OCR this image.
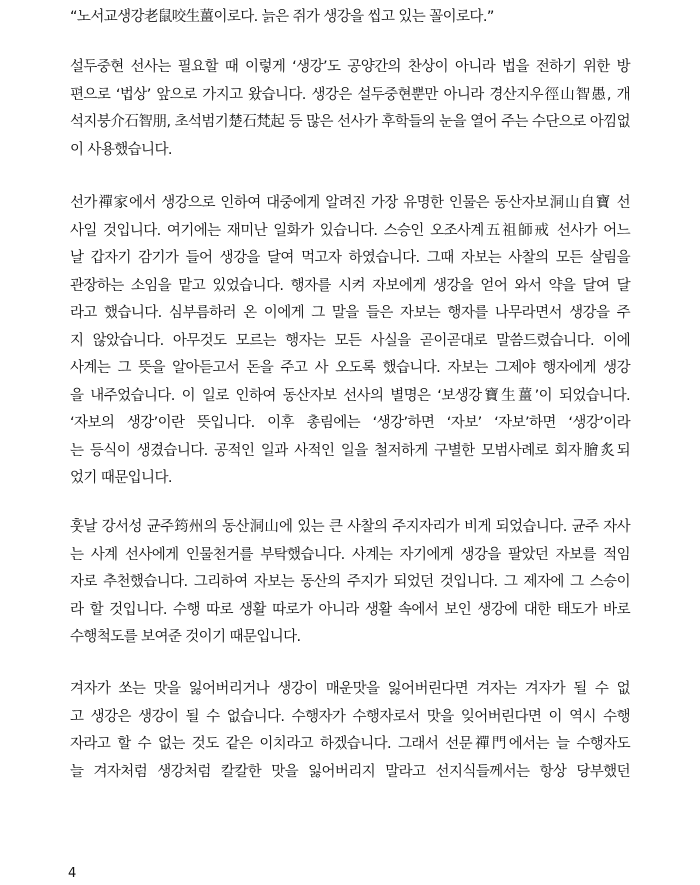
“노서교생강老鼠咬生薑이로다. 늙은 쥐가 생강을 씹고 있는 꼴이로다.”
설두중현 선사는 필요할 때 이렇게 ‘생강’도 공양간의 찬상이 아니라 법을 전하기 위한 방
편으로 ‘법상’ 앞으로 가지고 왔습니다. 생강은 설두중현뿐만 아니라 경산지우徑山智愚, 개
석지붕介石智朋, 초석범기楚石梵起 등 많은 선사가 후학들의 눈을 열어 주는 수단으로 아낌없
이 사용했습니다.
선가禪家에서 생강으로 인하여 대중에게 알려진 가장 유명한 인물은 동산자보洞山自寶 선
사일 것입니다. 여기에는 재미난 일화가 있습니다. 스승인 오조사계五祖師戒 선사가 어느
날 갑자기 감기가 들어 생강을 달여 먹고자 하였습니다. 그때 자보는 사찰의 모든 살림을
관장하는 소임을 맡고 있었습니다. 행자를 시켜 자보에게 생강을 얻어 와서 약을 달여 달
라고 했습니다. 심부름하러 온 이에게 그 말을 들은 자보는 행자를 나무라면서 생강을 주
지 않았습니다. 아무것도 모르는 행자는 모든 사실을 곧이곧대로 말씀드렸습니다. 이에
사계는 그 뜻을 알아듣고서 돈을 주고 사 오도록 했습니다. 자보는 그제야 행자에게 생강
을 내주었습니다. 이 일로 인하여 동산자보 선사의 별명은 ‘보생강寶生薑’이 되었습니다.
‘자보의 생강’이란 뜻입니다. 이후 총림에는 ‘생강’하면 ‘자보’ ‘자보’하면 ‘생강’이라
는 등식이 생겼습니다. 공적인 일과 사적인 일을 철저하게 구별한 모범사례로 회자膾炙되
었기 때문입니다.
훗날 강서성 균주筠州의 동산洞山에 있는 큰 사찰의 주지자리가 비게 되었습니다. 균주 자사
는 사계 선사에게 인물천거를 부탁했습니다. 사계는 자기에게 생강을 팔았던 자보를 적임
자로 추천했습니다. 그리하여 자보는 동산의 주지가 되었던 것입니다. 그 제자에 그 스승이
라 할 것입니다. 수행 따로 생활 따로가 아니라 생활 속에서 보인 생강에 대한 태도가 바로
수행척도를 보여준 것이기 때문입니다.
겨자가 쏘는 맛을 잃어버리거나 생강이 매운맛을 잃어버린다면 겨자는 겨자가 될 수 없
고 생강은 생강이 될 수 없습니다. 수행자가 수행자로서 맛을 잊어버린다면 이 역시 수행
자라고 할 수 없는 것도 같은 이치라고 하겠습니다. 그래서 선문禪門에서는 늘 수행자도
늘 겨자처럼 생강처럼 칼칼한 맛을 잃어버리지 말라고 선지식들께서는 항상 당부했던
4
